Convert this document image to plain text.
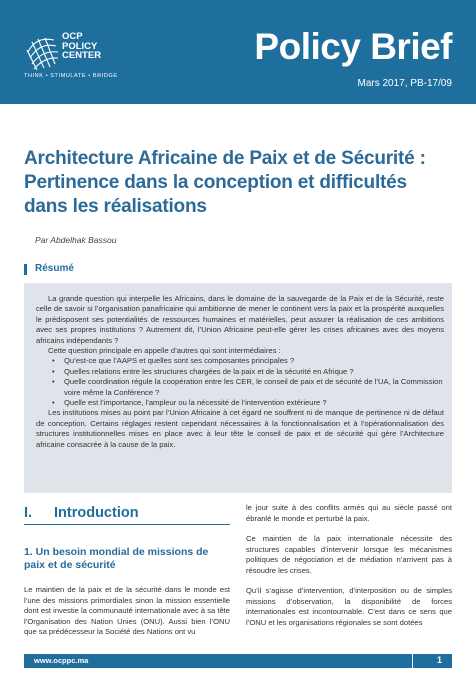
OCP
POLICY
CENTER
THINK • STIMULATE • BRIDGE
Policy Brief
Mars 2017, PB-17/09
Architecture Africaine de Paix et de Sécurité : Pertinence dans la conception et difficultés dans les réalisations
Par Abdelhak Bassou
Résumé

La grande question qui interpelle les Africains, dans le domaine de la sauvegarde de la Paix et de la Sécurité, reste celle de savoir si l’organisation panafricaine qui ambitionne de mener le continent vers la paix et la prospérité auxquelles le prédisposent ses potentialités de ressources humaines et matérielles, peut assurer la réalisation de ces ambitions avec ses propres institutions ? Autrement dit, l’Union Africaine peut-elle gérer les crises africaines avec des moyens africains indépendants ?

Cette question principale en appelle d’autres qui sont intermédiaires :

• Qu’est-ce que l’AAPS et quelles sont ses composantes principales ?
• Quelles relations entre les structures chargées de la paix et de la sécurité en Afrique ?
• Quelle coordination régule la coopération entre les CER, le conseil de paix et de sécurité de l’UA, la Commission voire même la Conférence ?
• Quelle est l’importance, l’ampleur ou la nécessité de l’intervention extérieure ?

Les institutions mises au point par l’Union Africaine à cet égard ne souffrent ni de manque de pertinence ni de défaut de conception. Certains réglages restent cependant nécessaires à la fonctionnalisation et à l’opérationnalisation des structures institutionnelles mises en place avec à leur tête le conseil de paix et de sécurité qui gère l’Architecture africaine consacrée à la cause de la paix.

I. Introduction
1. Un besoin mondial de missions de paix et de sécurité

Le maintien de la paix et de la sécurité dans le monde est l’une des missions primordiales sinon la mission essentielle dont est investie la communauté internationale avec à sa tête l’Organisation des Nation Unies (ONU). Aussi bien l’ONU que sa prédécesseur la Société des Nations ont vu

le jour suite à des conflits armés qui au siècle passé ont ébranlé le monde et perturbé la paix.

Ce maintien de la paix internationale nécessite des structures capables d’intervenir lorsque les mécanismes politiques de négociation et de médiation n’arrivent pas à résoudre les crises.

Qu’il s’agisse d’intervention, d’interposition ou de simples missions d’observation, la disponibilité de forces internationales est incontournable. C’est dans ce sens que l’ONU et les organisations régionales se sont dotées

www.ocppc.ma	1
